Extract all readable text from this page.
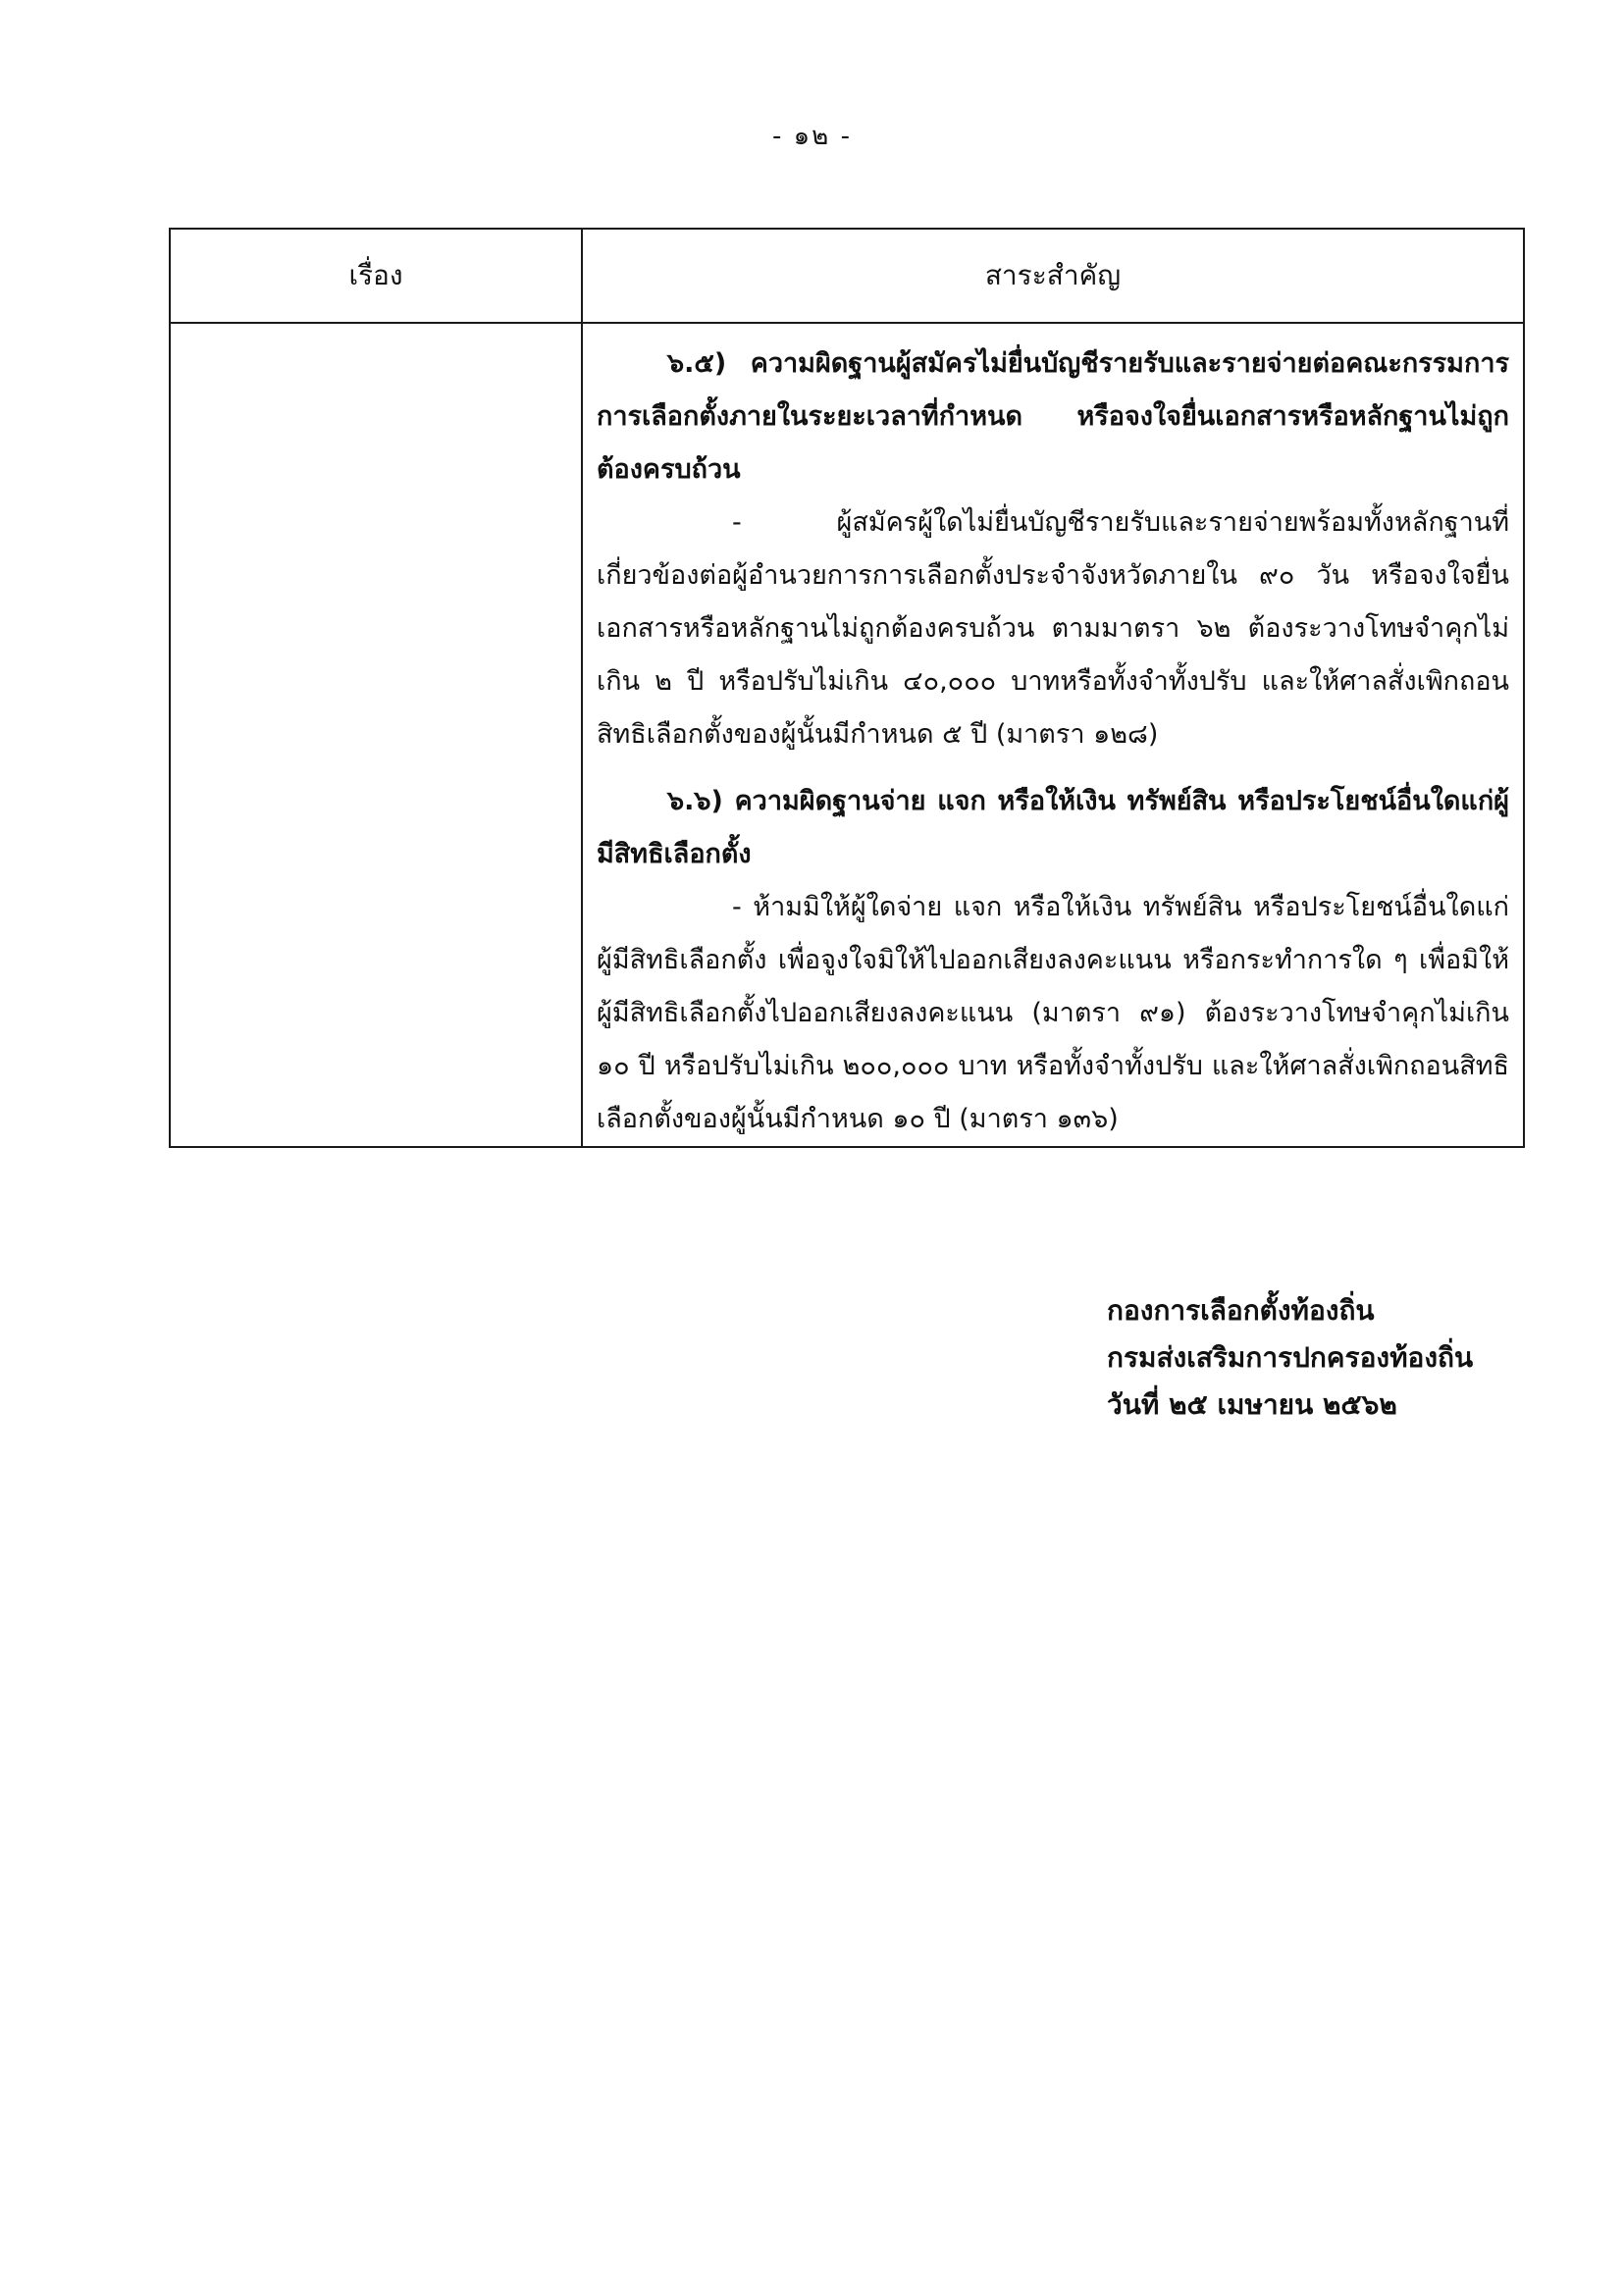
- ๑๒ -
เรื่อง	สาระสำคัญ

	๖.๕) ความผิดฐานผู้สมัครไม่ยื่นบัญชีรายรับและรายจ่ายต่อคณะกรรมการการเลือกตั้งภายในระยะเวลาที่กำหนด หรือจงใจยื่นเอกสารหรือหลักฐานไม่ถูกต้องครบถ้วน

- ผู้สมัครผู้ใดไม่ยื่นบัญชีรายรับและรายจ่ายพร้อมทั้งหลักฐานที่เกี่ยวข้องต่อผู้อำนวยการการเลือกตั้งประจำจังหวัดภายใน ๙๐ วัน หรือจงใจยื่นเอกสารหรือหลักฐานไม่ถูกต้องครบถ้วน ตามมาตรา ๖๒ ต้องระวางโทษจำคุกไม่เกิน ๒ ปี หรือปรับไม่เกิน ๔๐,๐๐๐ บาทหรือทั้งจำทั้งปรับ และให้ศาลสั่งเพิกถอนสิทธิเลือกตั้งของผู้นั้นมีกำหนด ๕ ปี (มาตรา ๑๒๘)

๖.๖) ความผิดฐานจ่าย แจก หรือให้เงิน ทรัพย์สิน หรือประโยชน์อื่นใดแก่ผู้มีสิทธิเลือกตั้ง

- ห้ามมิให้ผู้ใดจ่าย แจก หรือให้เงิน ทรัพย์สิน หรือประโยชน์อื่นใดแก่ผู้มีสิทธิเลือกตั้ง เพื่อจูงใจมิให้ไปออกเสียงลงคะแนน หรือกระทำการใด ๆ เพื่อมิให้ผู้มีสิทธิเลือกตั้งไปออกเสียงลงคะแนน (มาตรา ๙๑) ต้องระวางโทษจำคุกไม่เกิน ๑๐ ปี หรือปรับไม่เกิน ๒๐๐,๐๐๐ บาท หรือทั้งจำทั้งปรับ และให้ศาลสั่งเพิกถอนสิทธิเลือกตั้งของผู้นั้นมีกำหนด ๑๐ ปี (มาตรา ๑๓๖)

กองการเลือกตั้งท้องถิ่น
กรมส่งเสริมการปกครองท้องถิ่น
วันที่ ๒๕ เมษายน ๒๕๖๒
